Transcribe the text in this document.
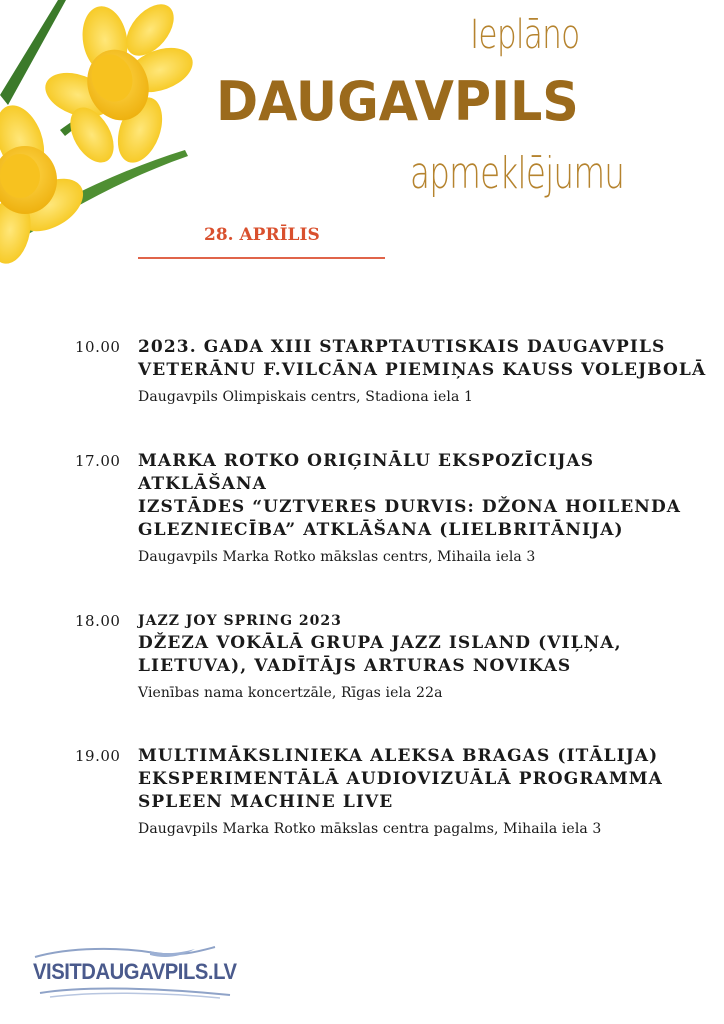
Ieplāno
DAUGAVPILS
apmeklējumu
28. APRĪLIS
10.00 2023. GADA XIII STARPTAUTISKAIS DAUGAVPILS VETERĀNU F.VILCĀNA PIEMIŅAS KAUSS VOLEJBOLĀ

Daugavpils Olimpiskais centrs, Stadiona iela 1
17.00 MARKA ROTKO ORIĢINĀLU EKSPOZĪCIJAS ATKLĀŠANA

IZSTĀDES “UZTVERES DURVIS: DŽONA HOILENDA GLEZNIECĪBA” ATKLĀŠANA (LIELBRITĀNIJA)

Daugavpils Marka Rotko mākslas centrs, Mihaila iela 3
18.00 JAZZ JOY SPRING 2023

DŽEZA VOKĀLĀ GRUPA JAZZ ISLAND (VIĻŅA, LIETUVA), VADĪTĀJS ARTURAS NOVIKAS

Vienības nama koncertzāle, Rīgas iela 22a
19.00 MULTIMĀKSLINIEKA ALEKSA BRAGAS (ITĀLIJA) EKSPERIMENTĀLĀ AUDIOVIZUĀLĀ PROGRAMMA SPLEEN MACHINE LIVE

Daugavpils Marka Rotko mākslas centra pagalms, Mihaila iela 3
VISITDAUGAVPILS.LV
